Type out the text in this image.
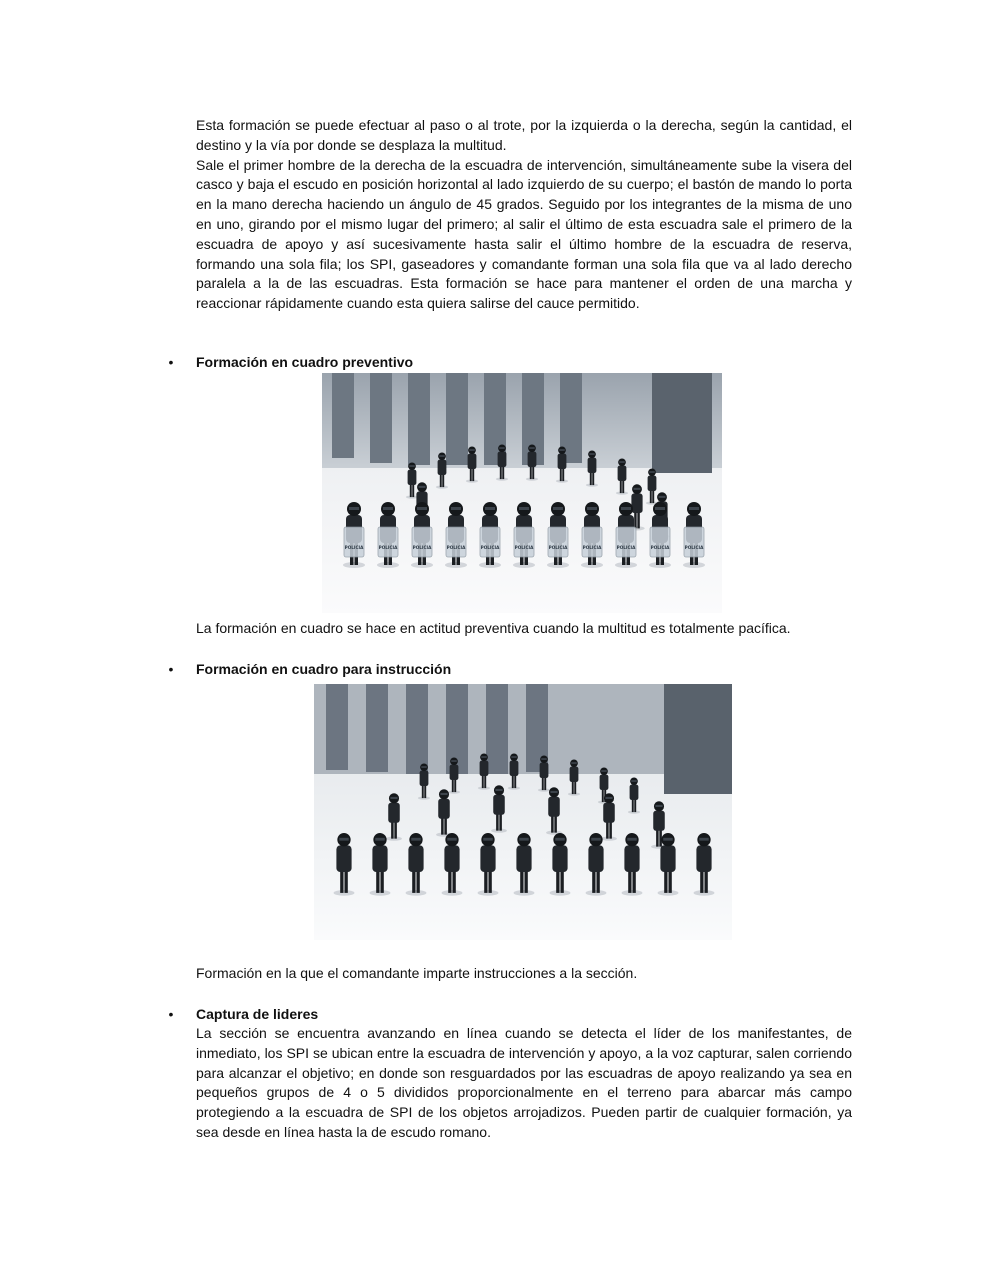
Esta formación se puede efectuar al paso o al trote, por la izquierda o la derecha, según la cantidad, el destino y la vía por donde se desplaza la multitud.

Sale el primer hombre de la derecha de la escuadra de intervención, simultáneamente sube la visera del casco y baja el escudo en posición horizontal al lado izquierdo de su cuerpo; el bastón de mando lo porta en la mano derecha haciendo un ángulo de 45 grados. Seguido por los integrantes de la misma de uno en uno, girando por el mismo lugar del primero; al salir el último de esta escuadra sale el primero de la escuadra de apoyo y así sucesivamente hasta salir el último hombre de la escuadra de reserva, formando una sola fila; los SPI, gaseadores y comandante forman una sola fila que va al lado derecho paralela a la de las escuadras. Esta formación se hace para mantener el orden de una marcha y reaccionar rápidamente cuando esta quiera salirse del cauce permitido.

• Formación en cuadro preventivo
POLICIA	POLICIA	POLICIA	POLICIA	POLICIA	POLICIA	POLICIA	POLICIA	POLICIA	POLICIA	POLICIA
La formación en cuadro se hace en actitud preventiva cuando la multitud es totalmente pacífica.
• Formación en cuadro para instrucción
Formación en la que el comandante imparte instrucciones a la sección.
• Captura de lideres
La sección se encuentra avanzando en línea cuando se detecta el líder de los manifestantes, de inmediato, los SPI se ubican entre la escuadra de intervención y apoyo, a la voz capturar, salen corriendo para alcanzar el objetivo; en donde son resguardados por las escuadras de apoyo realizando ya sea en pequeños grupos de 4 o 5 divididos proporcionalmente en el terreno para abarcar más campo protegiendo a la escuadra de SPI de los objetos arrojadizos. Pueden partir de cualquier formación, ya sea desde en línea hasta la de escudo romano.
